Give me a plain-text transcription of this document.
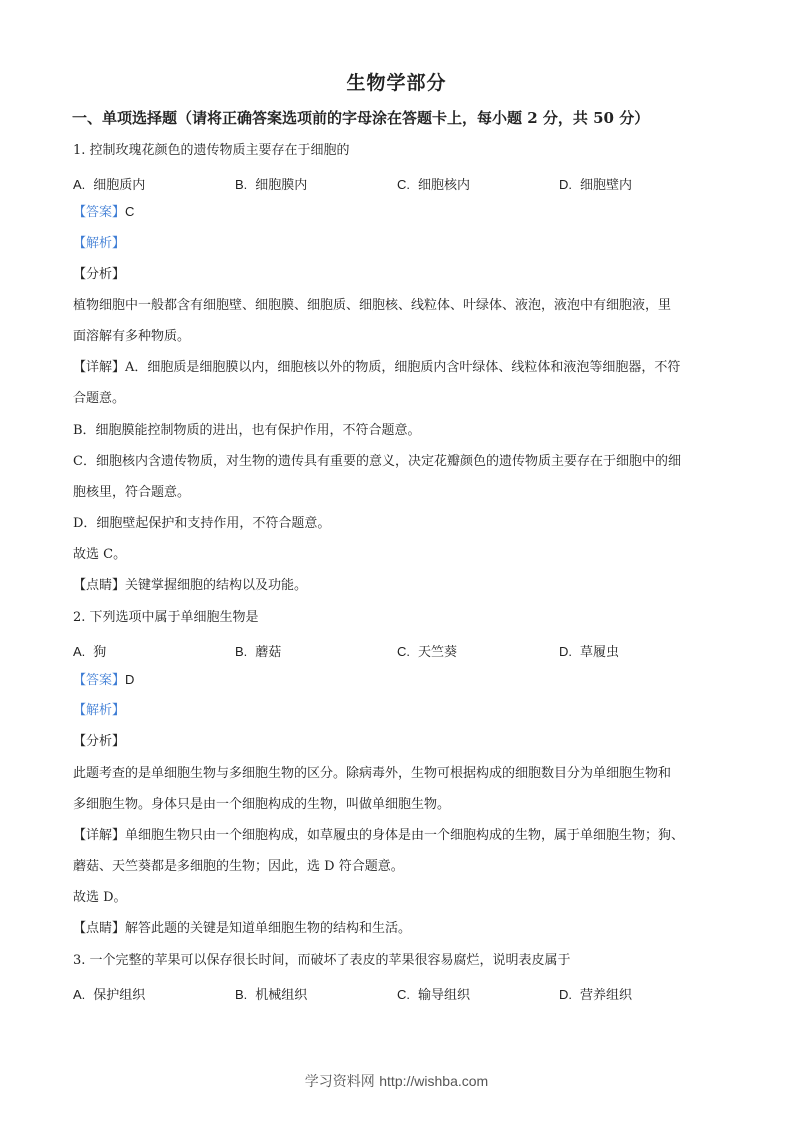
生物学部分
一、单项选择题（请将正确答案选项前的字母涂在答题卡上，每小题 2 分，共 50 分）
1. 控制玫瑰花颜色的遗传物质主要存在于细胞的
A. 细胞质内	B. 细胞膜内	C. 细胞核内	D. 细胞壁内
【答案】C
【解析】
【分析】
植物细胞中一般都含有细胞壁、细胞膜、细胞质、细胞核、线粒体、叶绿体、液泡，液泡中有细胞液，里
面溶解有多种物质。
【详解】A．细胞质是细胞膜以内，细胞核以外的物质，细胞质内含叶绿体、线粒体和液泡等细胞器，不符
合题意。
B．细胞膜能控制物质的进出，也有保护作用，不符合题意。
C．细胞核内含遗传物质，对生物的遗传具有重要的意义，决定花瓣颜色的遗传物质主要存在于细胞中的细
胞核里，符合题意。
D．细胞壁起保护和支持作用，不符合题意。
故选 C。
【点睛】关键掌握细胞的结构以及功能。
2. 下列选项中属于单细胞生物是
A. 狗	B. 蘑菇	C. 天竺葵	D. 草履虫
【答案】D
【解析】
【分析】
此题考查的是单细胞生物与多细胞生物的区分。除病毒外，生物可根据构成的细胞数目分为单细胞生物和
多细胞生物。身体只是由一个细胞构成的生物，叫做单细胞生物。
【详解】单细胞生物只由一个细胞构成，如草履虫的身体是由一个细胞构成的生物，属于单细胞生物；狗、
蘑菇、天竺葵都是多细胞的生物；因此，选 D 符合题意。
故选 D。
【点睛】解答此题的关键是知道单细胞生物的结构和生活。
3. 一个完整的苹果可以保存很长时间，而破坏了表皮的苹果很容易腐烂，说明表皮属于
A. 保护组织	B. 机械组织	C. 输导组织	D. 营养组织
学习资料网 http://wishba.com
